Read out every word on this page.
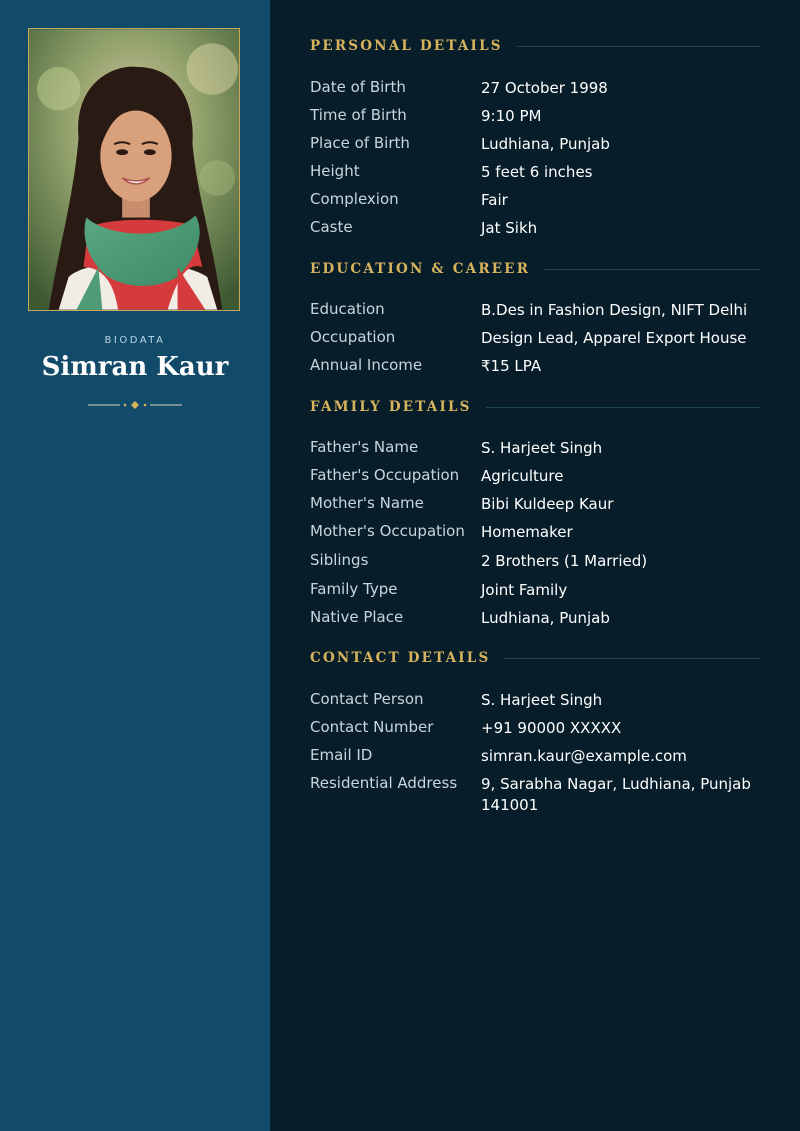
BIODATA
Simran Kaur
PERSONAL DETAILS
Date of Birth	27 October 1998
Time of Birth	9:10 PM
Place of Birth	Ludhiana, Punjab
Height	5 feet 6 inches
Complexion	Fair
Caste	Jat Sikh
EDUCATION & CAREER
Education	B.Des in Fashion Design, NIFT Delhi
Occupation	Design Lead, Apparel Export House
Annual Income	₹15 LPA
FAMILY DETAILS
Father's Name	S. Harjeet Singh
Father's Occupation	Agriculture
Mother's Name	Bibi Kuldeep Kaur
Mother's Occupation	Homemaker
Siblings	2 Brothers (1 Married)
Family Type	Joint Family
Native Place	Ludhiana, Punjab
CONTACT DETAILS
Contact Person	S. Harjeet Singh
Contact Number	+91 90000 XXXXX
Email ID	simran.kaur@example.com
Residential Address	9, Sarabha Nagar, Ludhiana, Punjab 141001
